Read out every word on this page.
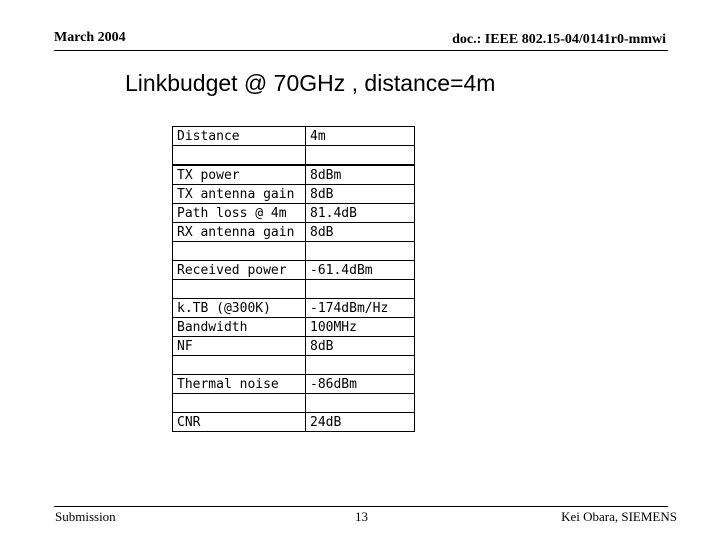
March 2004	doc.: IEEE 802.15-04/0141r0-mmwi
Linkbudget @ 70GHz , distance=4m
Distance	4m

TX power	8dBm
TX antenna gain	8dB
Path loss @ 4m	81.4dB
RX antenna gain	8dB

Received power	-61.4dBm

k.TB (@300K)	-174dBm/Hz
Bandwidth	100MHz
NF	8dB

Thermal noise	-86dBm

CNR	24dB
Submission	13	Kei Obara, SIEMENS
